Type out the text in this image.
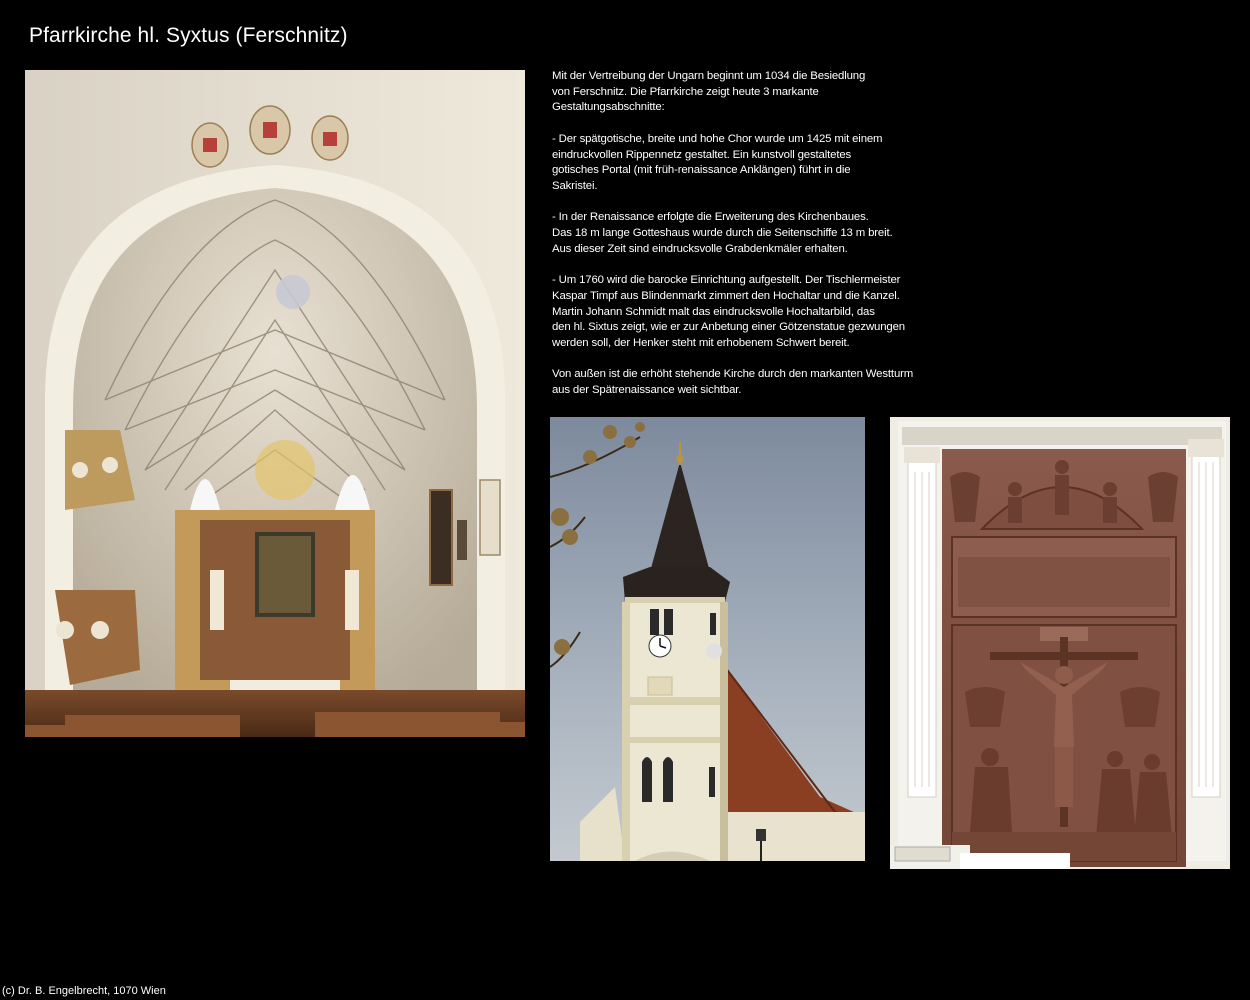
Pfarrkirche hl. Syxtus (Ferschnitz)

Mit der Vertreibung der Ungarn beginnt um 1034 die Besiedlung
von Ferschnitz. Die Pfarrkirche zeigt heute 3 markante
Gestaltungsabschnitte:

- Der spätgotische, breite und hohe Chor wurde um 1425 mit einem
eindruckvollen Rippennetz gestaltet. Ein kunstvoll gestaltetes
gotisches Portal (mit früh-renaissance Anklängen) führt in die
Sakristei.

- In der Renaissance erfolgte die Erweiterung des Kirchenbaues.
Das 18 m lange Gotteshaus wurde durch die Seitenschiffe 13 m breit.
Aus dieser Zeit sind eindrucksvolle Grabdenkmäler erhalten.

- Um 1760 wird die barocke Einrichtung aufgestellt. Der Tischlermeister
Kaspar Timpf aus Blindenmarkt zimmert den Hochaltar und die Kanzel.
Martin Johann Schmidt malt das eindrucksvolle Hochaltarbild, das
den hl. Sixtus zeigt, wie er zur Anbetung einer Götzenstatue gezwungen
werden soll, der Henker steht mit erhobenem Schwert bereit.

Von außen ist die erhöht stehende Kirche durch den markanten Westturm
aus der Spätrenaissance weit sichtbar.

(c) Dr. B. Engelbrecht, 1070 Wien
